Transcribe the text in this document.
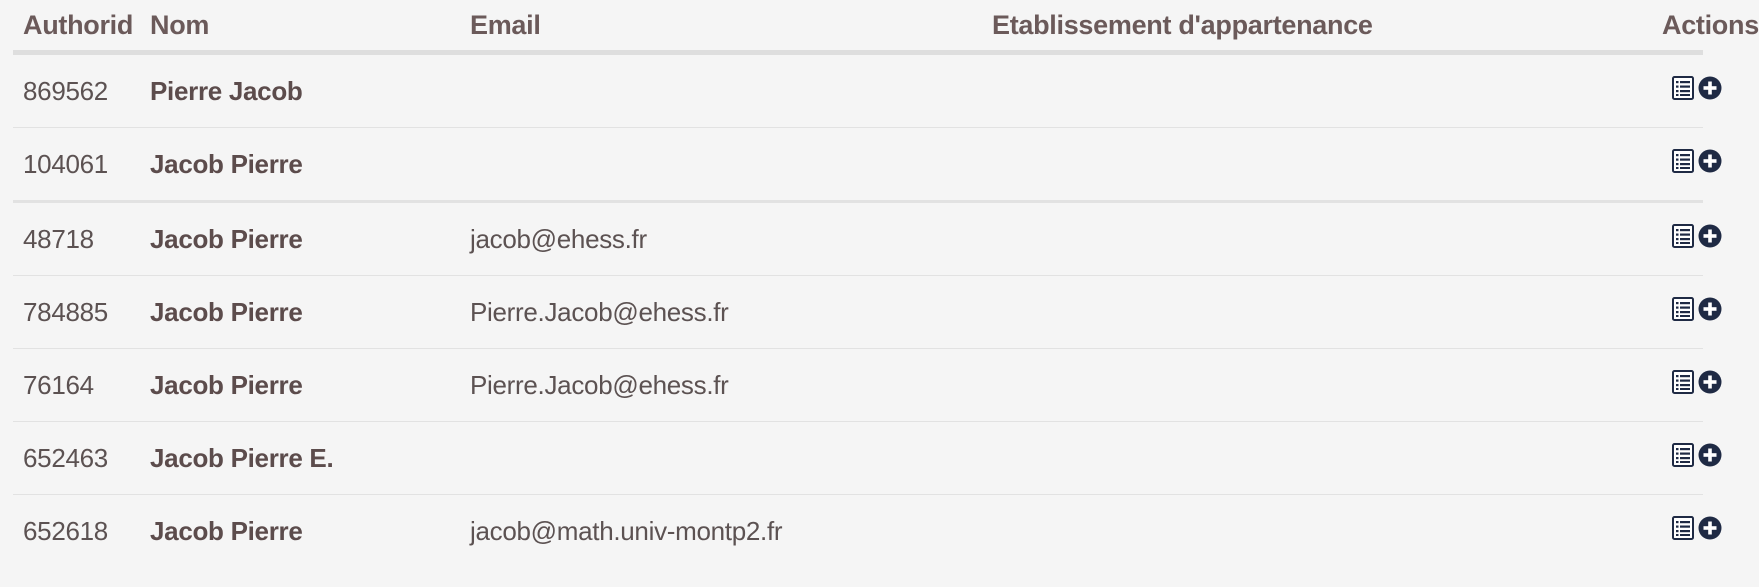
Authorid	Nom	Email	Etablissement d'appartenance	Actions
869562	Pierre Jacob			

104061	Jacob Pierre			

48718	Jacob Pierre	jacob@ehess.fr		

784885	Jacob Pierre	Pierre.Jacob@ehess.fr		

76164	Jacob Pierre	Pierre.Jacob@ehess.fr		

652463	Jacob Pierre E.			

652618	Jacob Pierre	jacob@math.univ-montp2.fr		
